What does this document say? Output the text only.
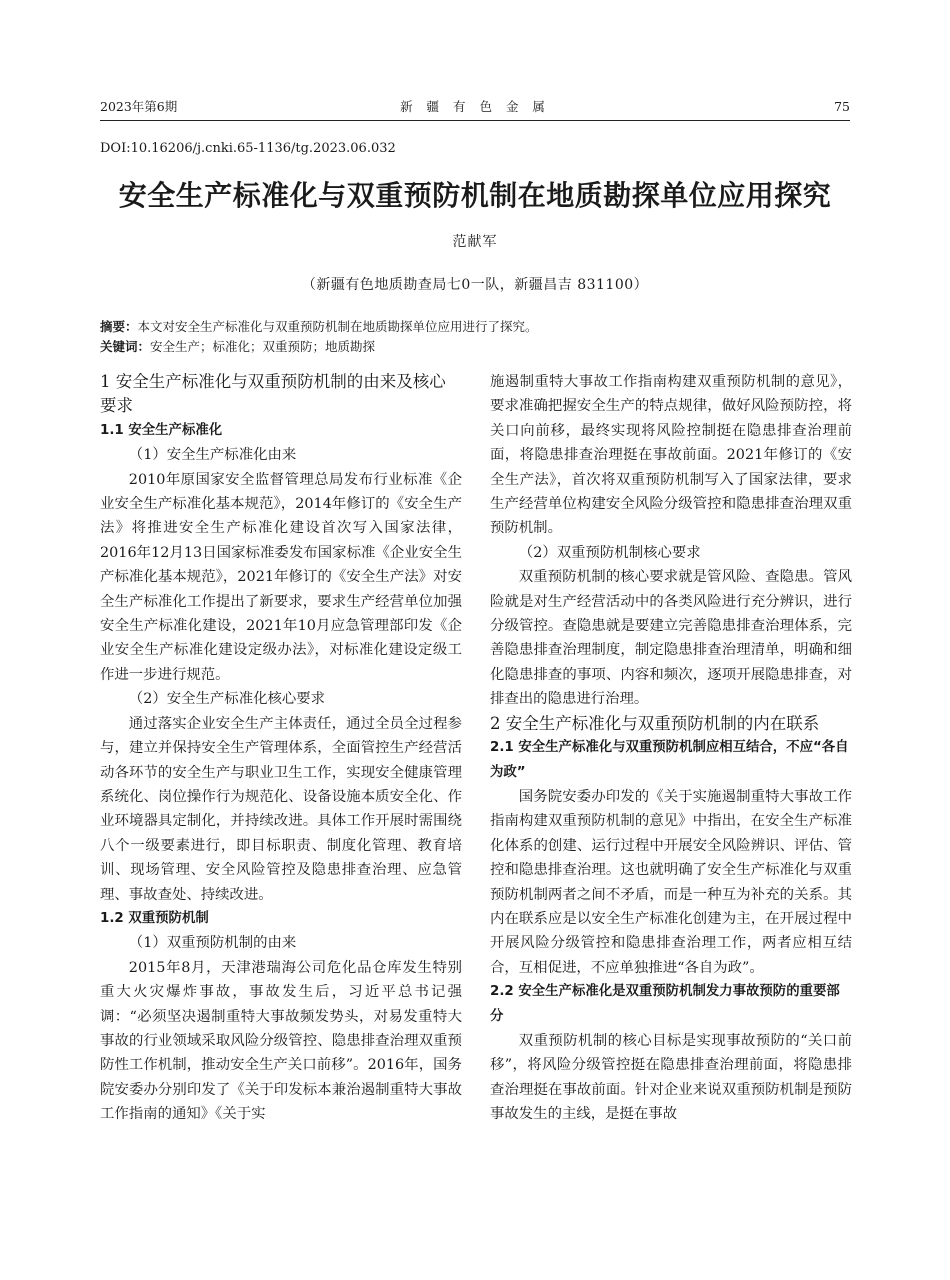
2023年第6期	新 疆 有 色 金 属	75
DOI:10.16206/j.cnki.65-1136/tg.2023.06.032
安全生产标准化与双重预防机制在地质勘探单位应用探究
范献军
（新疆有色地质勘查局七0一队，新疆昌吉 831100）
摘要：本文对安全生产标准化与双重预防机制在地质勘探单位应用进行了探究。
关键词：安全生产；标准化；双重预防；地质勘探
1 安全生产标准化与双重预防机制的由来及核心要求
1.1 安全生产标准化
（1）安全生产标准化由来

2010年原国家安全监督管理总局发布行业标准《企业安全生产标准化基本规范》，2014年修订的《安全生产法》将推进安全生产标准化建设首次写入国家法律，2016年12月13日国家标准委发布国家标准《企业安全生产标准化基本规范》，2021年修订的《安全生产法》对安全生产标准化工作提出了新要求，要求生产经营单位加强安全生产标准化建设，2021年10月应急管理部印发《企业安全生产标准化建设定级办法》，对标准化建设定级工作进一步进行规范。

（2）安全生产标准化核心要求

通过落实企业安全生产主体责任，通过全员全过程参与，建立并保持安全生产管理体系，全面管控生产经营活动各环节的安全生产与职业卫生工作，实现安全健康管理系统化、岗位操作行为规范化、设备设施本质安全化、作业环境器具定制化，并持续改进。具体工作开展时需围绕八个一级要素进行，即目标职责、制度化管理、教育培训、现场管理、安全风险管控及隐患排查治理、应急管理、事故查处、持续改进。

1.2 双重预防机制
（1）双重预防机制的由来

2015年8月，天津港瑞海公司危化品仓库发生特别重大火灾爆炸事故，事故发生后，习近平总书记强调：“必须坚决遏制重特大事故频发势头，对易发重特大事故的行业领域采取风险分级管控、隐患排查治理双重预防性工作机制，推动安全生产关口前移”。2016年，国务院安委办分别印发了《关于印发标本兼治遏制重特大事故工作指南的通知》《关于实

施遏制重特大事故工作指南构建双重预防机制的意见》，要求准确把握安全生产的特点规律，做好风险预防控，将关口向前移，最终实现将风险控制挺在隐患排查治理前面，将隐患排查治理挺在事故前面。2021年修订的《安全生产法》，首次将双重预防机制写入了国家法律，要求生产经营单位构建安全风险分级管控和隐患排查治理双重预防机制。

（2）双重预防机制核心要求

双重预防机制的核心要求就是管风险、查隐患。管风险就是对生产经营活动中的各类风险进行充分辨识，进行分级管控。查隐患就是要建立完善隐患排查治理体系，完善隐患排查治理制度，制定隐患排查治理清单，明确和细化隐患排查的事项、内容和频次，逐项开展隐患排查，对排查出的隐患进行治理。

2 安全生产标准化与双重预防机制的内在联系
2.1 安全生产标准化与双重预防机制应相互结合，不应“各自为政”

国务院安委办印发的《关于实施遏制重特大事故工作指南构建双重预防机制的意见》中指出，在安全生产标准化体系的创建、运行过程中开展安全风险辨识、评估、管控和隐患排查治理。这也就明确了安全生产标准化与双重预防机制两者之间不矛盾，而是一种互为补充的关系。其内在联系应是以安全生产标准化创建为主，在开展过程中开展风险分级管控和隐患排查治理工作，两者应相互结合，互相促进，不应单独推进“各自为政”。

2.2 安全生产标准化是双重预防机制发力事故预防的重要部分

双重预防机制的核心目标是实现事故预防的“关口前移”，将风险分级管控挺在隐患排查治理前面，将隐患排查治理挺在事故前面。针对企业来说双重预防机制是预防事故发生的主线，是挺在事故
